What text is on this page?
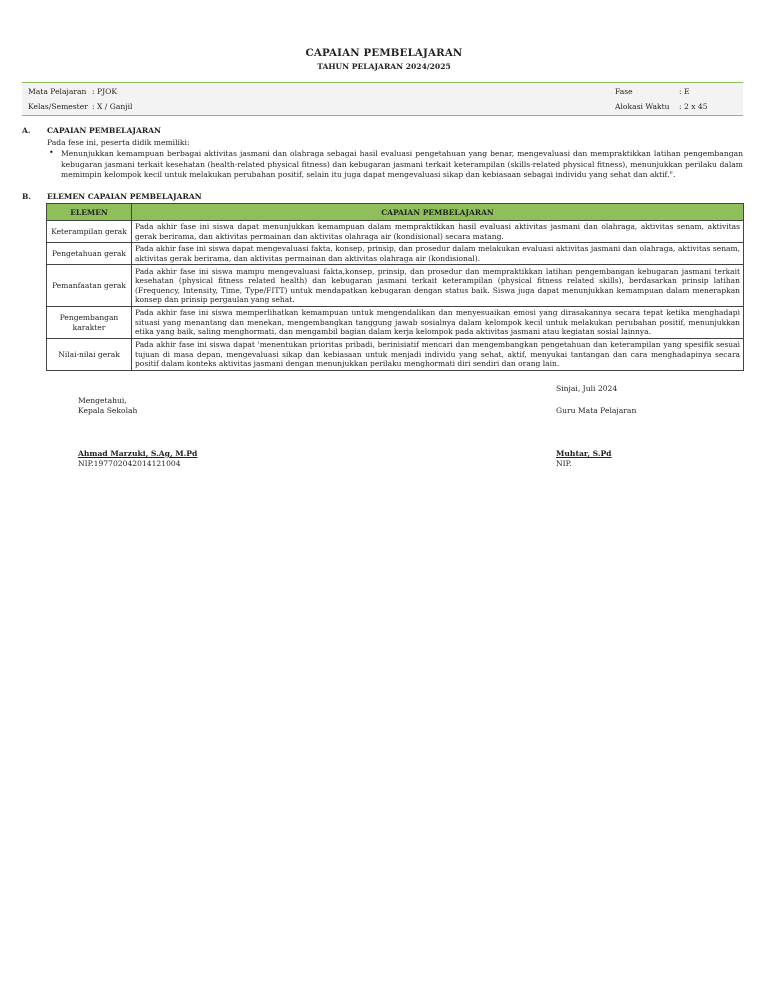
CAPAIAN PEMBELAJARAN
TAHUN PELAJARAN 2024/2025
Mata Pelajaran : PJOK
Kelas/Semester : X / Ganjil
Fase	: E
Alokasi Waktu : 2 x 45
A. CAPAIAN PEMBELAJARAN
Pada fese ini, peserta didik memiliki:
• Menunjukkan kemampuan berbagai aktivitas jasmani dan olahraga sebagai hasil evaluasi pengetahuan yang benar, mengevaluasi dan mempraktikkan latihan pengembangan kebugaran jasmani terkait kesehatan (health-related physical fitness) dan kebugaran jasmani terkait keterampilan (skills-related physical fitness), menunjukkan perilaku dalam memimpin kelompok kecil untuk melakukan perubahan positif, selain itu juga dapat mengevaluasi sikap dan kebiasaan sebagai individu yang sehat dan aktif.".
B. ELEMEN CAPAIAN PEMBELAJARAN
ELEMEN	CAPAIAN PEMBELAJARAN
Keterampilan gerak	Pada akhir fase ini siswa dapat menunjukkan kemampuan dalam mempraktikkan hasil evaluasi aktivitas jasmani dan olahraga, aktivitas senam, aktivitas gerak berirama, dan aktivitas permainan dan aktivitas olahraga air (kondisional) secara matang.
Pengetahuan gerak	Pada akhir fase ini siswa dapat mengevaluasi fakta, konsep, prinsip, dan prosedur dalam melakukan evaluasi aktivitas jasmani dan olahraga, aktivitas senam, aktivitas gerak berirama, dan aktivitas permainan dan aktivitas olahraga air (kondisional).
Pemanfaatan gerak	Pada akhir fase ini siswa mampu mengevaluasi fakta,konsep, prinsip, dan prosedur dan mempraktikkan latihan pengembangan kebugaran jasmani terkait kesehatan (physical fitness related health) dan kebugaran jasmani terkait keterampilan (physical fitness related skills), berdasarkan prinsip latihan (Frequency, Intensity, Time, Type/FITT) untuk mendapatkan kebugaran dengan status baik. Siswa juga dapat menunjukkan kemampuan dalam menerapkan konsep dan prinsip pergaulan yang sehat.
Pengembangan karakter	Pada akhir fase ini siswa memperlihatkan kemampuan untuk mengendalikan dan menyesuaikan emosi yang dirasakannya secara tepat ketika menghadapi situasi yang menantang dan menekan, mengembangkan tanggung jawab sosialnya dalam kelompok kecil untuk melakukan perubahan positif, menunjukkan etika yang baik, saling menghormati, dan mengambil bagian dalam kerja kelompok pada aktivitas jasmani atau kegiatan sosial lainnya.
Nilai-nilai gerak	Pada akhir fase ini siswa dapat 'menentukan prioritas pribadi, berinisiatif mencari dan mengembangkan pengetahuan dan keterampilan yang spesifik sesuai tujuan di masa depan, mengevaluasi sikap dan kebiasaan untuk menjadi individu yang sehat, aktif, menyukai tantangan dan cara menghadapinya secara positif dalam konteks aktivitas jasmani dengan menunjukkan perilaku menghormati diri sendiri dan orang lain.
Sinjai, Juli 2024
Mengetahui,
Kepala Sekolah	Guru Mata Pelajaran
Ahmad Marzuki, S.Ag, M.Pd
NIP.197702042014121004
Muhtar, S.Pd
NIP.
